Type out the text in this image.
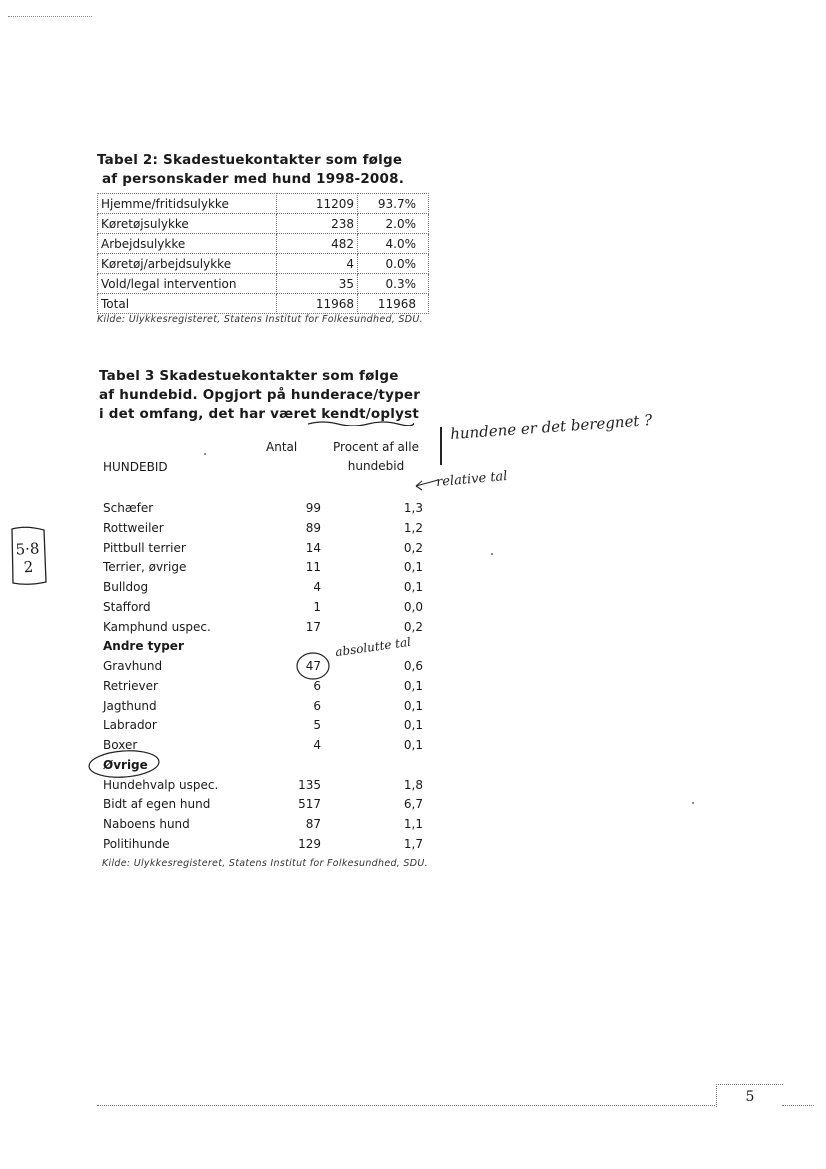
Tabel 2: Skadestuekontakter som følge
af personskader med hund 1998-2008.
Hjemme/fritidsulykke	11209	93.7%
Køretøjsulykke	238	2.0%
Arbejdsulykke	482	4.0%
Køretøj/arbejdsulykke	4	0.0%
Vold/legal intervention	35	0.3%
Total	11968	11968
Kilde: Ulykkesregisteret, Statens Institut for Folkesundhed, SDU.
Tabel 3 Skadestuekontakter som følge
af hundebid. Opgjort på hunderace/typer
i det omfang, det har været kendt/oplyst
Antal	Procent af alle
hundebid
HUNDEBID
Schæfer	99	1,3
Rottweiler	89	1,2
Pittbull terrier	14	0,2
Terrier, øvrige	11	0,1
Bulldog	4	0,1
Stafford	1	0,0
Kamphund uspec.	17	0,2
Andre typer
Gravhund	47	0,6
Retriever	6	0,1
Jagthund	6	0,1
Labrador	5	0,1
Boxer	4	0,1
Øvrige
Hundehvalp uspec.	135	1,8
Bidt af egen hund	517	6,7
Naboens hund	87	1,1
Politihunde	129	1,7
Kilde: Ulykkesregisteret, Statens Institut for Folkesundhed, SDU.
hundene er det beregnet ?
relative tal
absolutte tal
5·8 2
5
